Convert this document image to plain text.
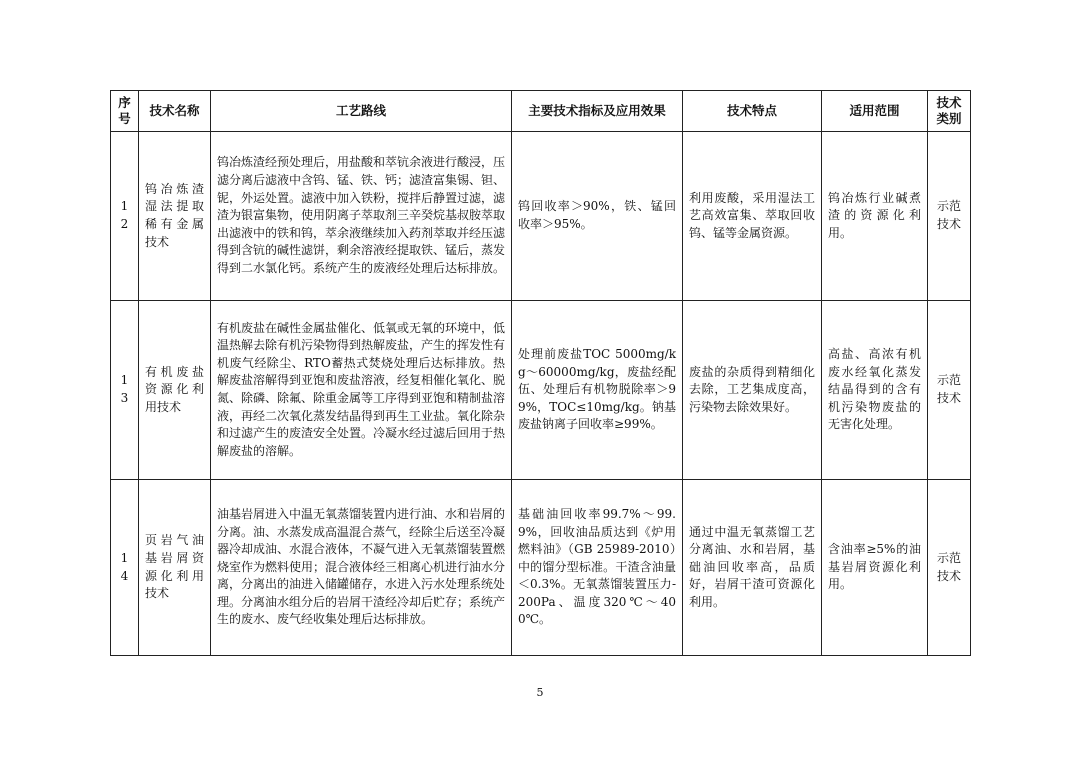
序号	技术名称	工艺路线	主要技术指标及应用效果	技术特点	适用范围	技术类别
12	钨冶炼渣湿法提取稀有金属技术	钨冶炼渣经预处理后，用盐酸和萃钪余液进行酸浸，压滤分离后滤液中含钨、锰、铁、钙；滤渣富集锡、钽、铌，外运处置。滤液中加入铁粉，搅拌后静置过滤，滤渣为银富集物，使用阴离子萃取剂三辛癸烷基叔胺萃取出滤液中的铁和钨，萃余液继续加入药剂萃取并经压滤得到含钪的碱性滤饼，剩余溶液经提取铁、锰后，蒸发得到二水氯化钙。系统产生的废液经处理后达标排放。	钨回收率＞90%，铁、锰回收率＞95%。	利用废酸，采用湿法工艺高效富集、萃取回收钨、锰等金属资源。	钨冶炼行业碱煮渣的资源化利用。	示范技术
13	有机废盐资源化利用技术	有机废盐在碱性金属盐催化、低氧或无氧的环境中，低温热解去除有机污染物得到热解废盐，产生的挥发性有机废气经除尘、RTO蓄热式焚烧处理后达标排放。热解废盐溶解得到亚饱和废盐溶液，经复相催化氧化、脱氮、除磷、除氟、除重金属等工序得到亚饱和精制盐溶液，再经二次氧化蒸发结晶得到再生工业盐。氧化除杂和过滤产生的废渣安全处置。冷凝水经过滤后回用于热解废盐的溶解。	处理前废盐TOC 5000mg/kg～60000mg/kg，废盐经配伍、处理后有机物脱除率＞99%，TOC≤10mg/kg。钠基废盐钠离子回收率≥99%。	废盐的杂质得到精细化去除，工艺集成度高，污染物去除效果好。	高盐、高浓有机废水经氧化蒸发结晶得到的含有机污染物废盐的无害化处理。	示范技术
14	页岩气油基岩屑资源化利用技术	油基岩屑进入中温无氧蒸馏装置内进行油、水和岩屑的分离。油、水蒸发成高温混合蒸气，经除尘后送至冷凝器冷却成油、水混合液体，不凝气进入无氧蒸馏装置燃烧室作为燃料使用；混合液体经三相离心机进行油水分离，分离出的油进入储罐储存，水进入污水处理系统处理。分离油水组分后的岩屑干渣经冷却后贮存；系统产生的废水、废气经收集处理后达标排放。	基础油回收率99.7%～99.9%，回收油品质达到《炉用燃料油》（GB 25989-2010）中的馏分型标准。干渣含油量＜0.3%。无氧蒸馏装置压力-200Pa、温度320℃～400℃。	通过中温无氧蒸馏工艺分离油、水和岩屑，基础油回收率高，品质好，岩屑干渣可资源化利用。	含油率≥5%的油基岩屑资源化利用。	示范技术
5
